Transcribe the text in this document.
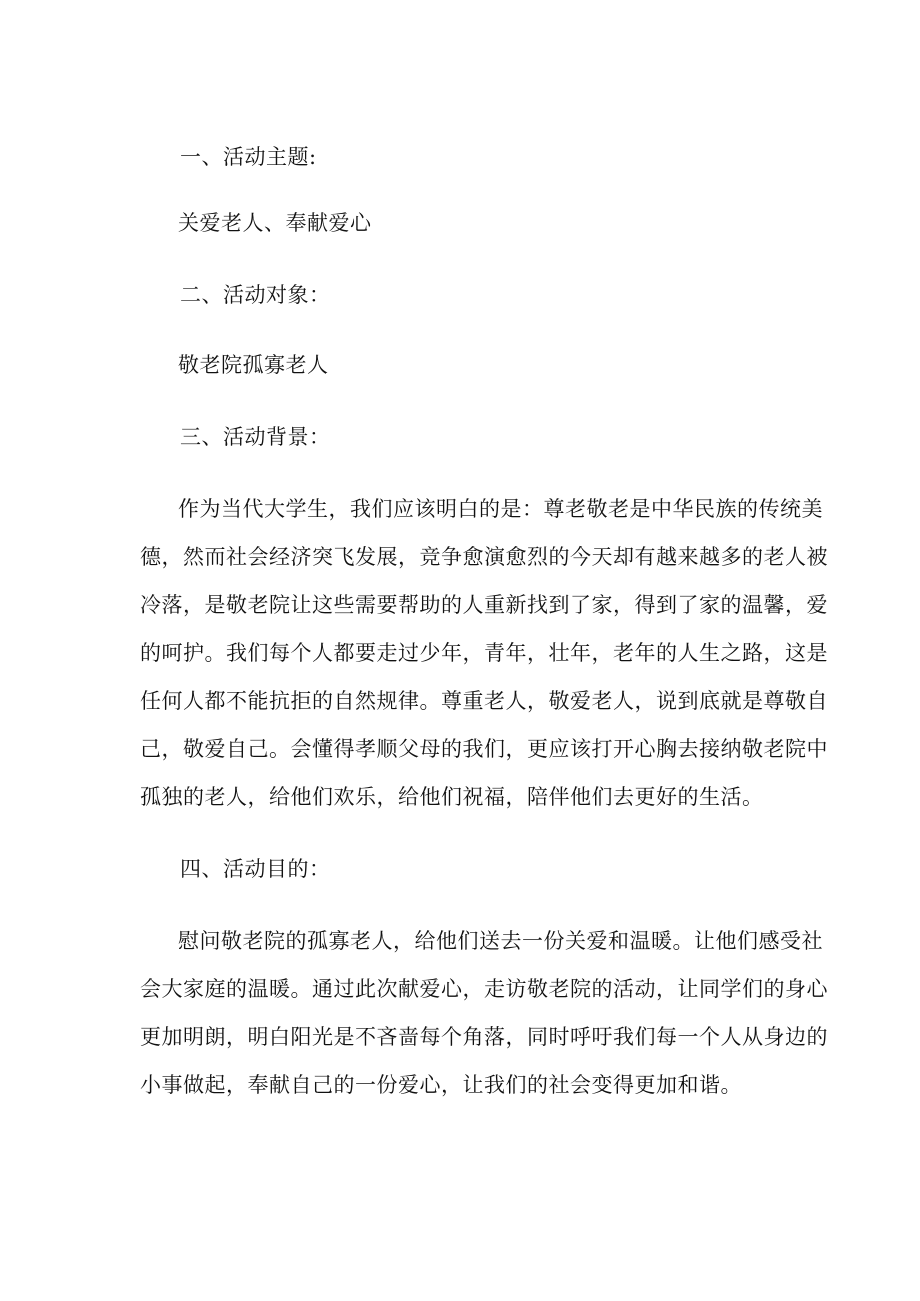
一、活动主题:
关爱老人、奉献爱心
二、活动对象：
敬老院孤寡老人
三、活动背景：
作为当代大学生，我们应该明白的是：尊老敬老是中华民族的传统美
德，然而社会经济突飞发展，竞争愈演愈烈的今天却有越来越多的老人被
冷落，是敬老院让这些需要帮助的人重新找到了家，得到了家的温馨，爱
的呵护。我们每个人都要走过少年，青年，壮年，老年的人生之路，这是
任何人都不能抗拒的自然规律。尊重老人，敬爱老人，说到底就是尊敬自
己，敬爱自己。会懂得孝顺父母的我们，更应该打开心胸去接纳敬老院中
孤独的老人，给他们欢乐，给他们祝福，陪伴他们去更好的生活。
四、活动目的：
慰问敬老院的孤寡老人，给他们送去一份关爱和温暖。让他们感受社
会大家庭的温暖。通过此次献爱心，走访敬老院的活动，让同学们的身心
更加明朗，明白阳光是不吝啬每个角落，同时呼吁我们每一个人从身边的
小事做起，奉献自己的一份爱心，让我们的社会变得更加和谐。
